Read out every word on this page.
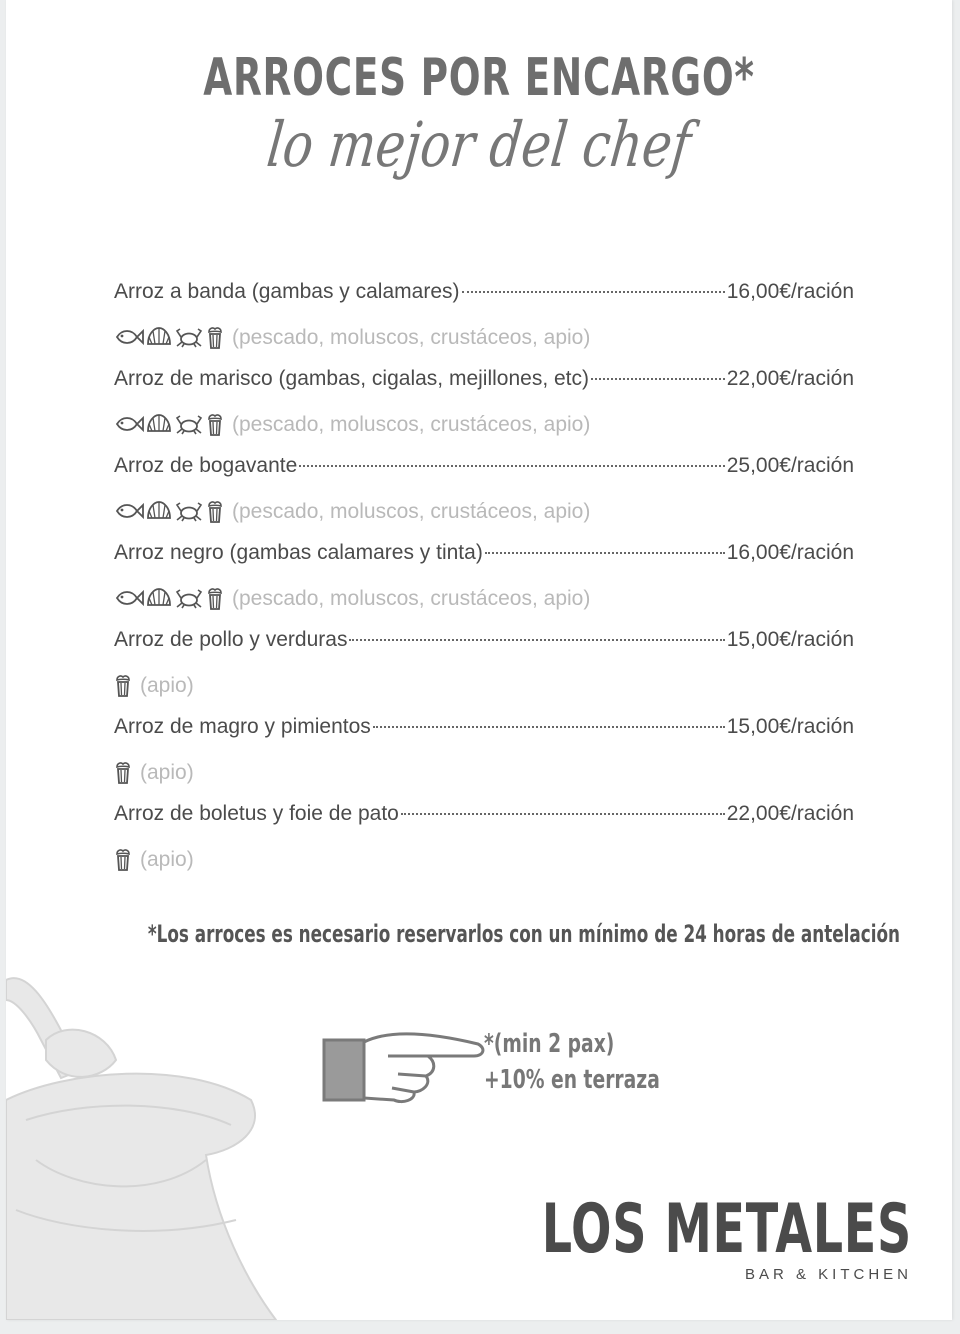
ARROCES POR ENCARGO*
lo mejor del chef
Arroz a banda (gambas y calamares)	16,00€/ración
(pescado, moluscos, crustáceos, apio)
Arroz de marisco (gambas, cigalas, mejillones, etc)	22,00€/ración
(pescado, moluscos, crustáceos, apio)
Arroz de bogavante	25,00€/ración
(pescado, moluscos, crustáceos, apio)
Arroz negro (gambas calamares y tinta)	16,00€/ración
(pescado, moluscos, crustáceos, apio)
Arroz de pollo y verduras	15,00€/ración
(apio)
Arroz de magro y pimientos	15,00€/ración
(apio)
Arroz de boletus y foie de pato	22,00€/ración
(apio)
*Los arroces es necesario reservarlos con un mínimo de 24 horas de antelación
*(min 2 pax)
+10% en terraza
LOS METALES
BAR & KITCHEN
